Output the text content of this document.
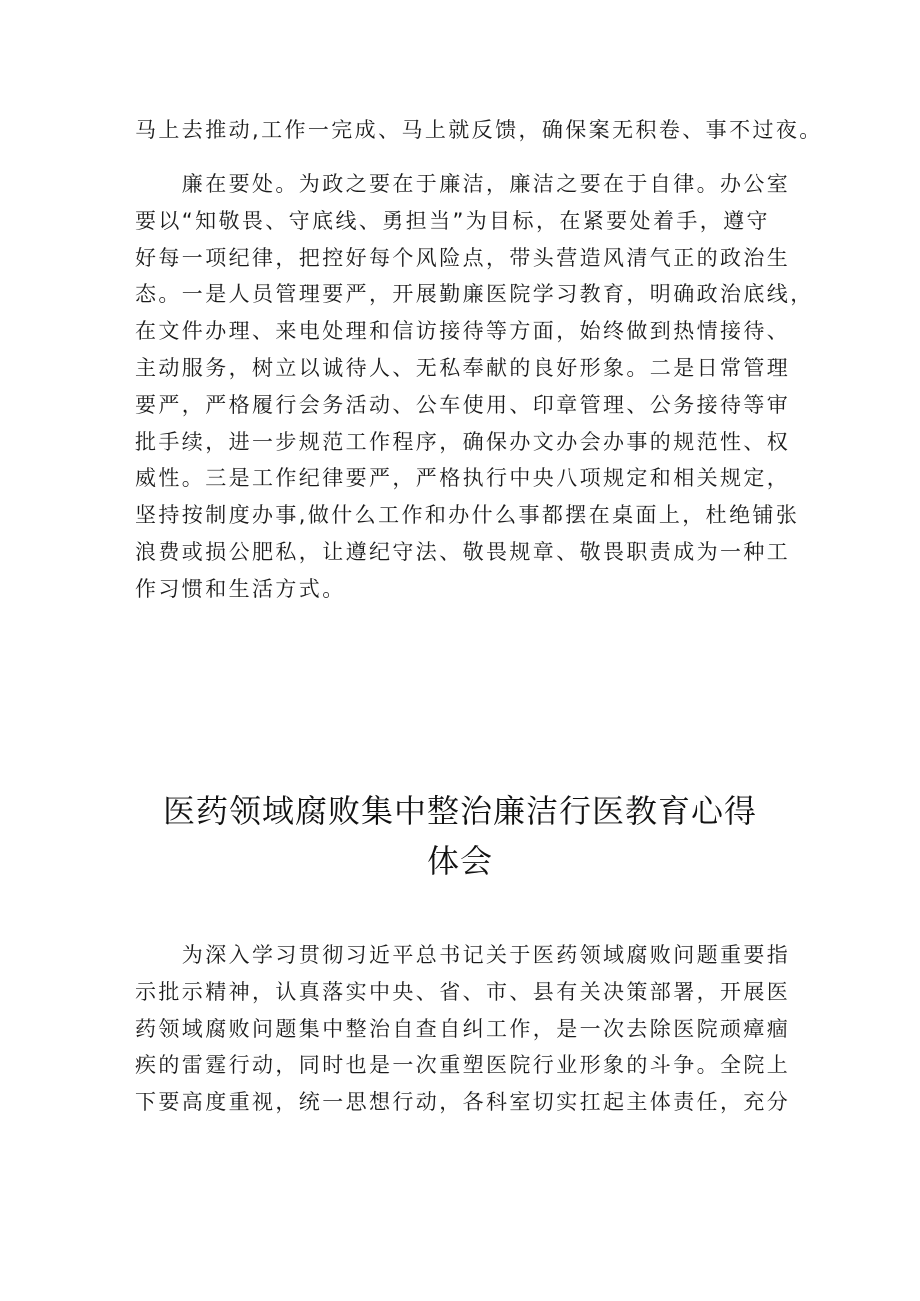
马上去推动,工作一完成、马上就反馈，确保案无积卷、事不过夜。
　　廉在要处。为政之要在于廉洁，廉洁之要在于自律。办公室
要以“知敬畏、守底线、勇担当”为目标，在紧要处着手，遵守
好每一项纪律，把控好每个风险点，带头营造风清气正的政治生
态。一是人员管理要严，开展勤廉医院学习教育，明确政治底线，
在文件办理、来电处理和信访接待等方面，始终做到热情接待、
主动服务，树立以诚待人、无私奉献的良好形象。二是日常管理
要严，严格履行会务活动、公车使用、印章管理、公务接待等审
批手续，进一步规范工作程序，确保办文办会办事的规范性、权
威性。三是工作纪律要严，严格执行中央八项规定和相关规定，
坚持按制度办事,做什么工作和办什么事都摆在桌面上，杜绝铺张
浪费或损公肥私，让遵纪守法、敬畏规章、敬畏职责成为一种工
作习惯和生活方式。
医药领域腐败集中整治廉洁行医教育心得
体会
　　为深入学习贯彻习近平总书记关于医药领域腐败问题重要指
示批示精神，认真落实中央、省、市、县有关决策部署，开展医
药领域腐败问题集中整治自查自纠工作，是一次去除医院顽瘴痼
疾的雷霆行动，同时也是一次重塑医院行业形象的斗争。全院上
下要高度重视，统一思想行动，各科室切实扛起主体责任，充分
